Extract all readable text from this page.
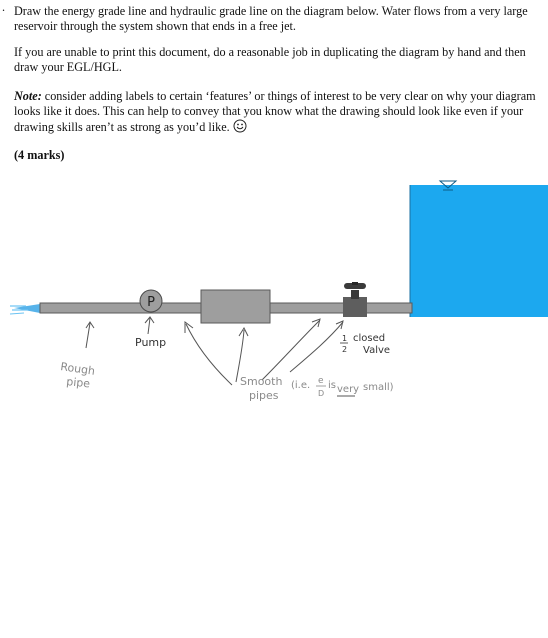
. Draw the energy grade line and hydraulic grade line on the diagram below. Water flows from a very large reservoir through the system shown that ends in a free jet.

If you are unable to print this document, do a reasonable job in duplicating the diagram by hand and then draw your EGL/HGL.

Note: consider adding labels to certain ‘features’ or things of interest to be very clear on why your diagram looks like it does. This can help to convey that you know what the drawing should look like even if your drawing skills aren’t as strong as you’d like.

(4 marks)

P
Pump
Rough
pipe
1
2
closed
Valve
Smooth
pipes
(i.e. e
D
is very small)
